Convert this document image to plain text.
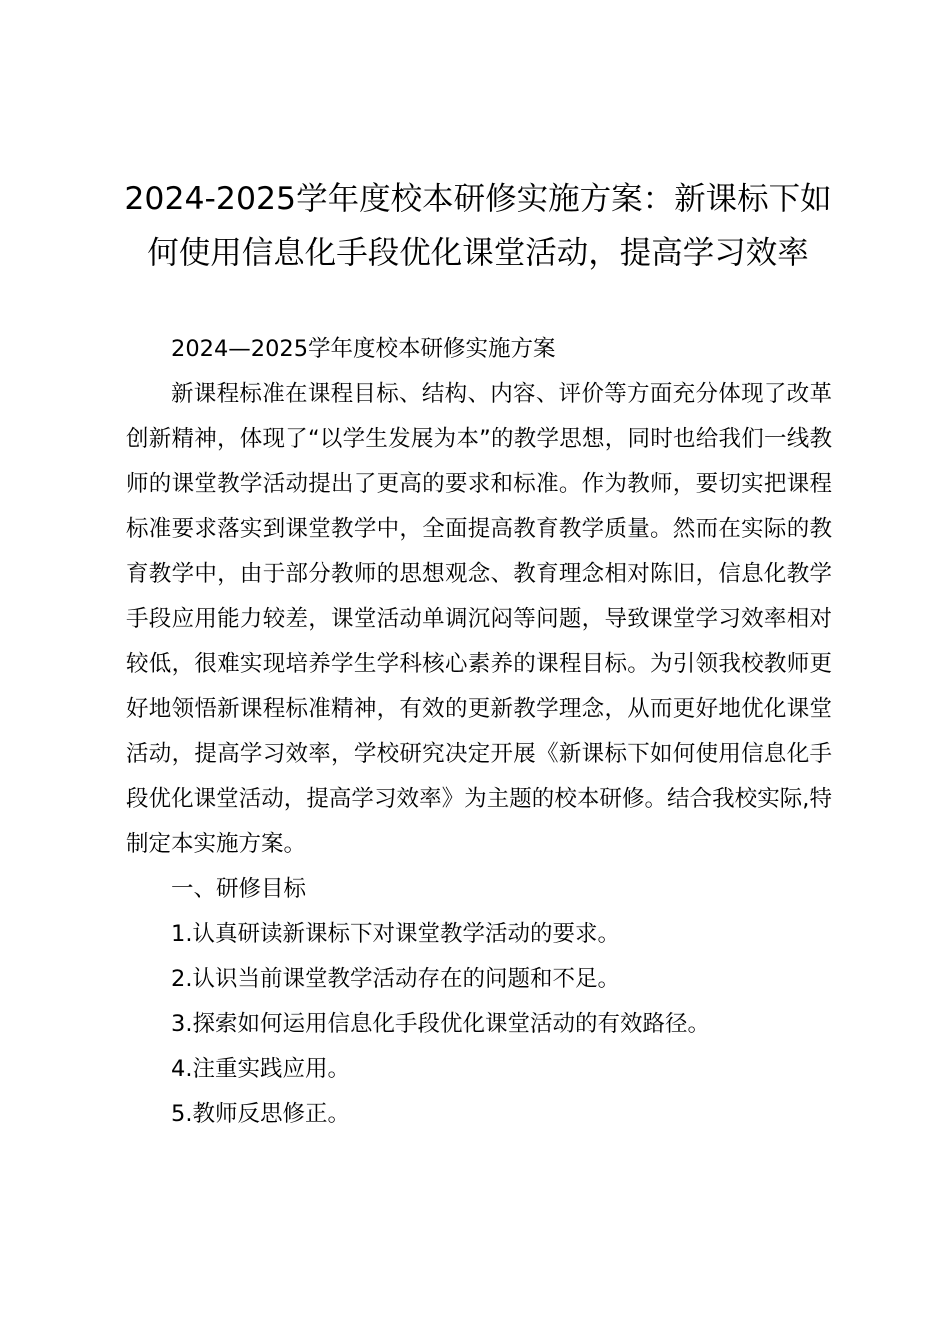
2024-2025学年度校本研修实施方案：新课标下如何使用信息化手段优化课堂活动，提高学习效率

2024—2025学年度校本研修实施方案

新课程标准在课程目标、结构、内容、评价等方面充分体现了改革创新精神，体现了“以学生发展为本”的教学思想，同时也给我们一线教师的课堂教学活动提出了更高的要求和标准。作为教师，要切实把课程标准要求落实到课堂教学中，全面提高教育教学质量。然而在实际的教育教学中，由于部分教师的思想观念、教育理念相对陈旧，信息化教学手段应用能力较差，课堂活动单调沉闷等问题，导致课堂学习效率相对较低，很难实现培养学生学科核心素养的课程目标。为引领我校教师更好地领悟新课程标准精神，有效的更新教学理念，从而更好地优化课堂活动，提高学习效率，学校研究决定开展《新课标下如何使用信息化手段优化课堂活动，提高学习效率》为主题的校本研修。结合我校实际,特制定本实施方案。

一、研修目标

1.认真研读新课标下对课堂教学活动的要求。

2.认识当前课堂教学活动存在的问题和不足。

3.探索如何运用信息化手段优化课堂活动的有效路径。

4.注重实践应用。

5.教师反思修正。
